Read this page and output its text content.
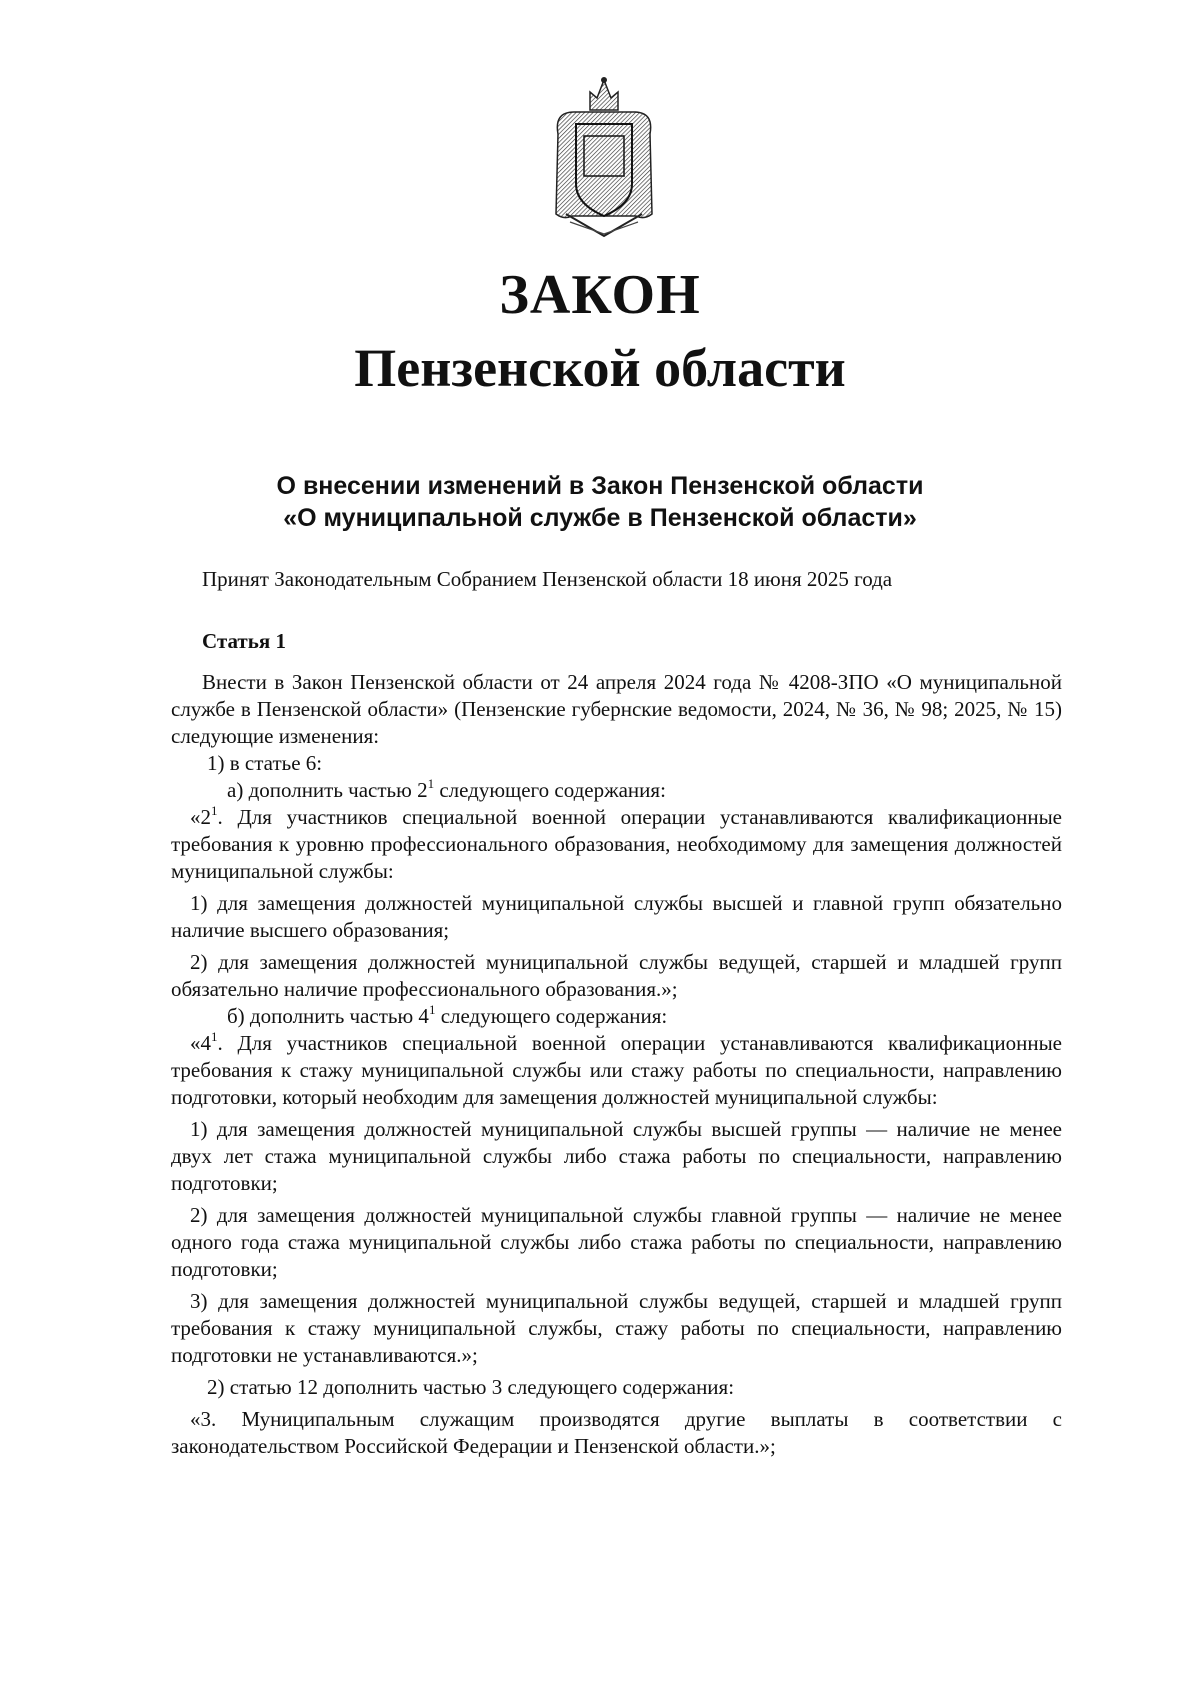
ЗАКОН
Пензенской области
О внесении изменений в Закон Пензенской области
«О муниципальной службе в Пензенской области»
Принят Законодательным Собранием Пензенской области 18 июня 2025 года
Статья 1

Внести в Закон Пензенской области от 24 апреля 2024 года № 4208-ЗПО «О муниципальной службе в Пензенской области» (Пензенские губернские ведомости, 2024, № 36, № 98; 2025, № 15) следующие изменения:

1) в статье 6:

а) дополнить частью $2^1$ следующего содержания:

«$2^1$. Для участников специальной военной операции устанавливаются квалификационные требования к уровню профессионального образования, необходимому для замещения должностей муниципальной службы:

1) для замещения должностей муниципальной службы высшей и главной групп обязательно наличие высшего образования;

2) для замещения должностей муниципальной службы ведущей, старшей и младшей групп обязательно наличие профессионального образования.»;

б) дополнить частью $4^1$ следующего содержания:

«$4^1$. Для участников специальной военной операции устанавливаются квалификационные требования к стажу муниципальной службы или стажу работы по специальности, направлению подготовки, который необходим для замещения должностей муниципальной службы:

1) для замещения должностей муниципальной службы высшей группы — наличие не менее двух лет стажа муниципальной службы либо стажа работы по специальности, направлению подготовки;

2) для замещения должностей муниципальной службы главной группы — наличие не менее одного года стажа муниципальной службы либо стажа работы по специальности, направлению подготовки;

3) для замещения должностей муниципальной службы ведущей, старшей и младшей групп требования к стажу муниципальной службы, стажу работы по специальности, направлению подготовки не устанавливаются.»;

2) статью 12 дополнить частью 3 следующего содержания:

«3. Муниципальным служащим производятся другие выплаты в соответствии с законодательством Российской Федерации и Пензенской области.»;
